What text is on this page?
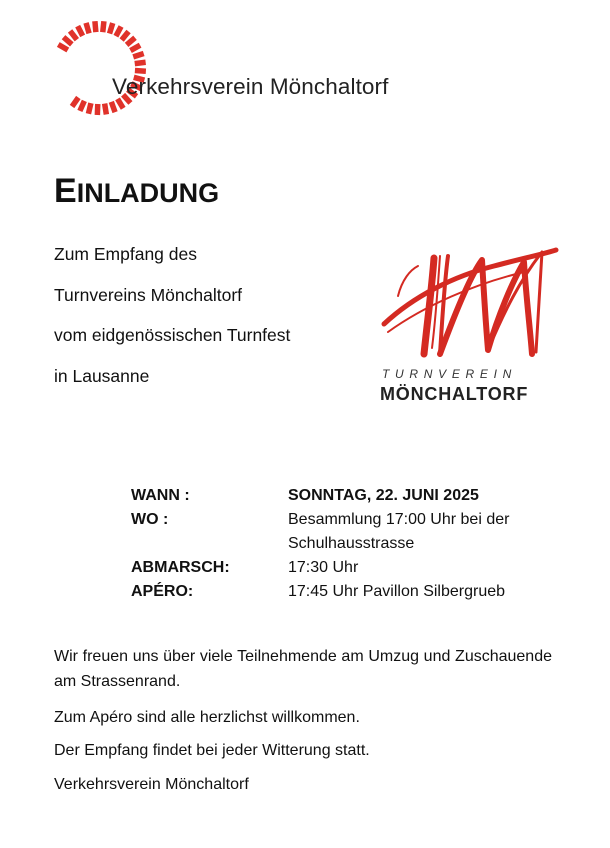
Verkehrsverein Mönchaltorf
EINLADUNG
Zum Empfang des
Turnvereins Mönchaltorf
vom eidgenössischen Turnfest
in Lausanne	TURNVEREIN
MÖNCHALTORF
WANN :	SONNTAG, 22. JUNI 2025
WO :	Besammlung 17:00 Uhr bei der Schulhausstrasse
ABMARSCH:	17:30 Uhr
APÉRO:	17:45 Uhr Pavillon Silbergrueb
Wir freuen uns über viele Teilnehmende am Umzug und Zuschauende am Strassenrand.
Zum Apéro sind alle herzlichst willkommen.
Der Empfang findet bei jeder Witterung statt.
Verkehrsverein Mönchaltorf
